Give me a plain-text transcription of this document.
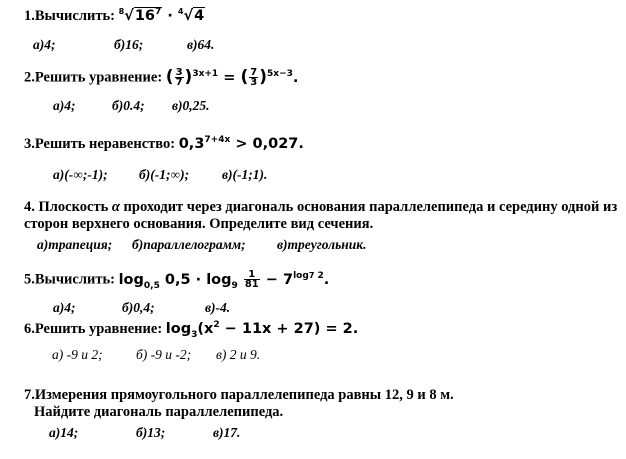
1.Вычислить: $^8√16^7 \cdot ^4√4$
а)4;	б)16;	в)64.
2.Решить уравнение: ( $\frac{3}{7} )^{3x+1}$ = ( $\frac{7}{3} )^{5x-3}$.
а)4;	б)0.4; в)0,25.
3.Решить неравенство: $0,3^{7+4x} > 0,027$.
а)(-∞;-1); б)(-1;∞); в)(-1;1).
4. Плоскость α проходит через диагональ основания параллелепипеда и середину одной из
сторон верхнего основания. Определите вид сечения.
а)трапеция; б)параллелограмм; в)треугольник.
5.Вычислить: $\log_{0,5} 0,5 \cdot \log_9 \frac{1}{81} - 7^{log7 2}$.
а)4;	б)0,4;	в)-4.
6.Решить уравнение: $\log_3(x^2 - 11x + 27) = 2$.
а) -9 и 2; б) -9 и -2; в) 2 и 9.
7.Измерения прямоугольного параллелепипеда равны 12, 9 и 8 м.
Найдите диагональ параллелепипеда.
а)14;	б)13;	в)17.
